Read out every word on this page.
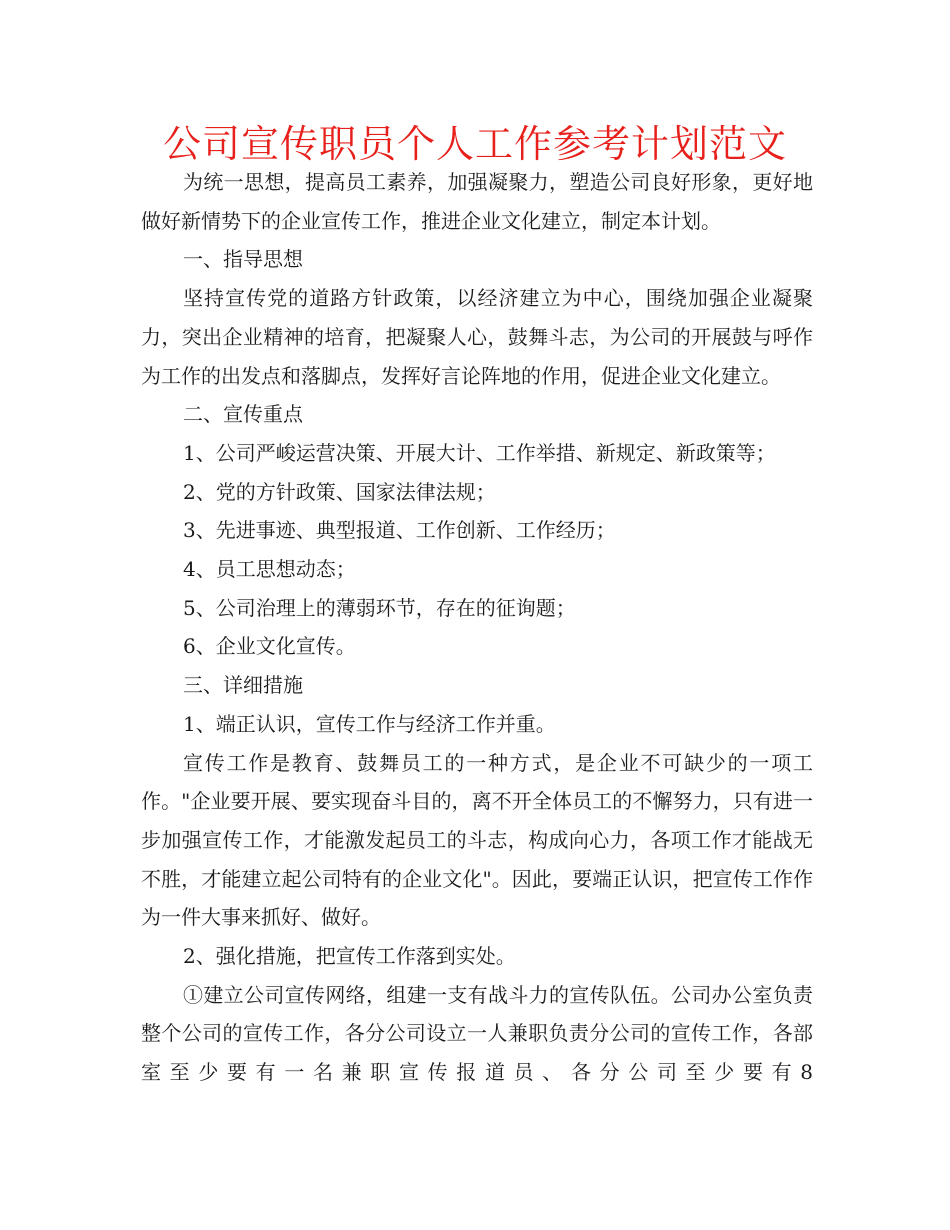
公司宣传职员个人工作参考计划范文

为统一思想，提高员工素养，加强凝聚力，塑造公司良好形象，更好地做好新情势下的企业宣传工作，推进企业文化建立，制定本计划。

一、指导思想

坚持宣传党的道路方针政策，以经济建立为中心，围绕加强企业凝聚力，突出企业精神的培育，把凝聚人心，鼓舞斗志，为公司的开展鼓与呼作为工作的出发点和落脚点，发挥好言论阵地的作用，促进企业文化建立。

二、宣传重点

1、公司严峻运营决策、开展大计、工作举措、新规定、新政策等；

2、党的方针政策、国家法律法规；

3、先进事迹、典型报道、工作创新、工作经历；

4、员工思想动态；

5、公司治理上的薄弱环节，存在的征询题；

6、企业文化宣传。

三、详细措施

1、端正认识，宣传工作与经济工作并重。

宣传工作是教育、鼓舞员工的一种方式，是企业不可缺少的一项工作。"企业要开展、要实现奋斗目的，离不开全体员工的不懈努力，只有进一步加强宣传工作，才能激发起员工的斗志，构成向心力，各项工作才能战无不胜，才能建立起公司特有的企业文化"。因此，要端正认识，把宣传工作作为一件大事来抓好、做好。

2、强化措施，把宣传工作落到实处。

①建立公司宣传网络，组建一支有战斗力的宣传队伍。公司办公室负责整个公司的宣传工作，各分公司设立一人兼职负责分公司的宣传工作，各部室至少要有一名兼职宣传报道员、各分公司至少要有8
